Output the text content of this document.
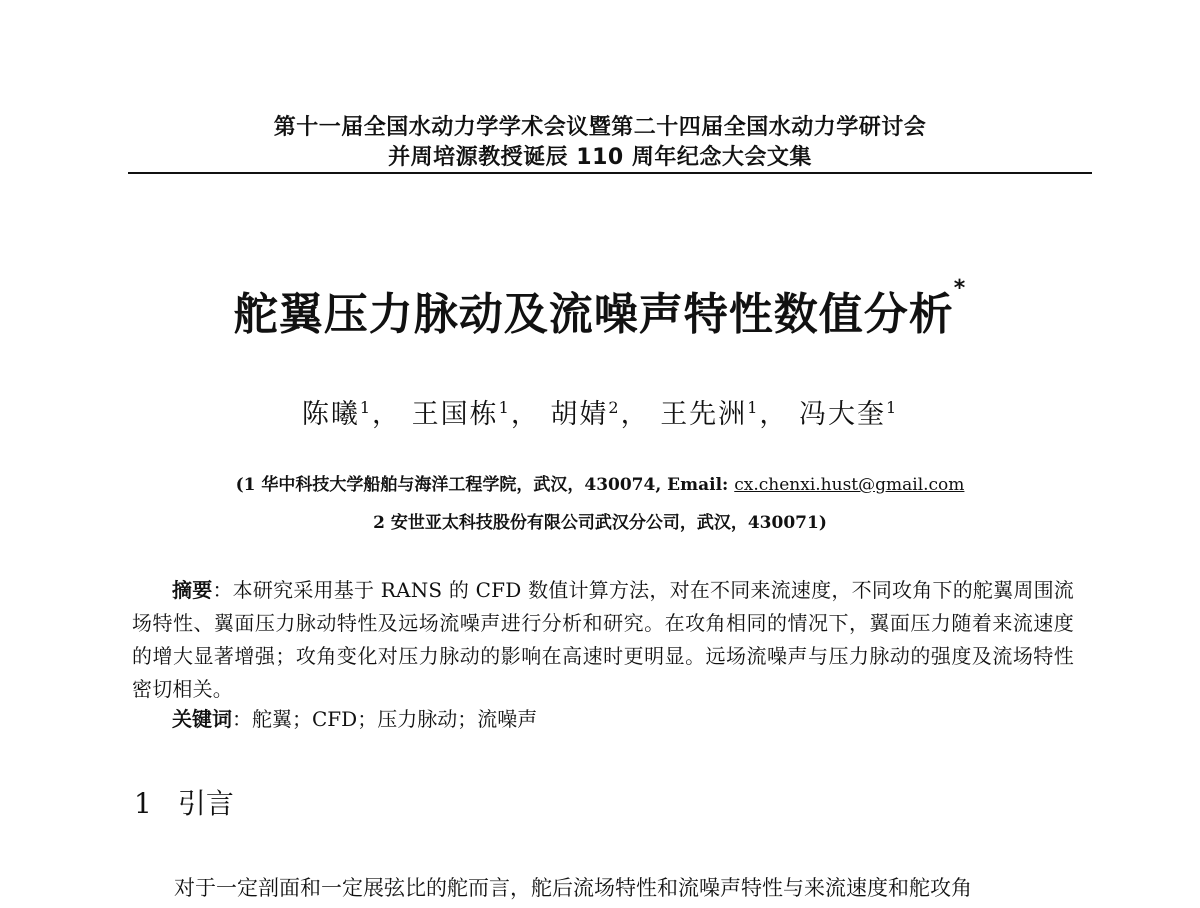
第十一届全国水动力学学术会议暨第二十四届全国水动力学研讨会
并周培源教授诞辰 110 周年纪念大会文集
舵翼压力脉动及流噪声特性数值分析*
陈曦$^1$， 王国栋$^1$， 胡婧$^2$， 王先洲$^1$， 冯大奎$^1$
(1 华中科技大学船舶与海洋工程学院，武汉，430074, Email: cx.chenxi.hust@gmail.com
2 安世亚太科技股份有限公司武汉分公司，武汉，430071)
摘要：本研究采用基于 RANS 的 CFD 数值计算方法，对在不同来流速度，不同攻角下的舵翼周围流场特性、翼面压力脉动特性及远场流噪声进行分析和研究。在攻角相同的情况下，翼面压力随着来流速度的增大显著增强；攻角变化对压力脉动的影响在高速时更明显。远场流噪声与压力脉动的强度及流场特性密切相关。
关键词：舵翼；CFD；压力脉动；流噪声
1 引言
对于一定剖面和一定展弦比的舵而言，舵后流场特性和流噪声特性与来流速度和舵攻角
